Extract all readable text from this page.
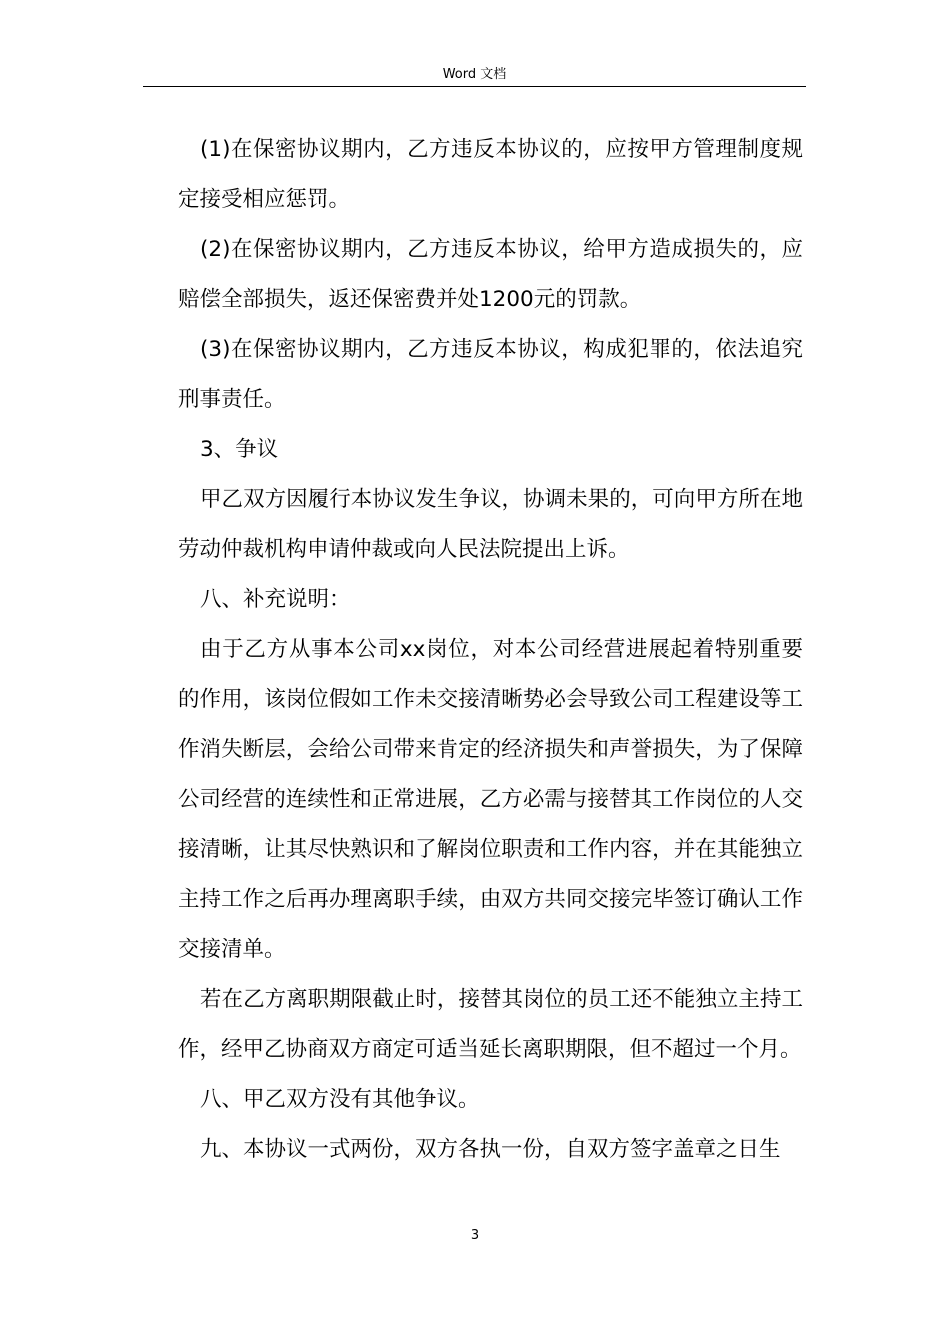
Word 文档

(1)在保密协议期内，乙方违反本协议的，应按甲方管理制度规定接受相应惩罚。

(2)在保密协议期内，乙方违反本协议，给甲方造成损失的，应赔偿全部损失，返还保密费并处1200元的罚款。

(3)在保密协议期内，乙方违反本协议，构成犯罪的，依法追究刑事责任。

3、争议

甲乙双方因履行本协议发生争议，协调未果的，可向甲方所在地劳动仲裁机构申请仲裁或向人民法院提出上诉。

八、补充说明：

由于乙方从事本公司xx岗位，对本公司经营进展起着特别重要的作用，该岗位假如工作未交接清晰势必会导致公司工程建设等工作消失断层，会给公司带来肯定的经济损失和声誉损失，为了保障公司经营的连续性和正常进展，乙方必需与接替其工作岗位的人交接清晰，让其尽快熟识和了解岗位职责和工作内容，并在其能独立主持工作之后再办理离职手续，由双方共同交接完毕签订确认工作交接清单。

若在乙方离职期限截止时，接替其岗位的员工还不能独立主持工作，经甲乙协商双方商定可适当延长离职期限，但不超过一个月。

八、甲乙双方没有其他争议。

九、本协议一式两份，双方各执一份，自双方签字盖章之日生

3
